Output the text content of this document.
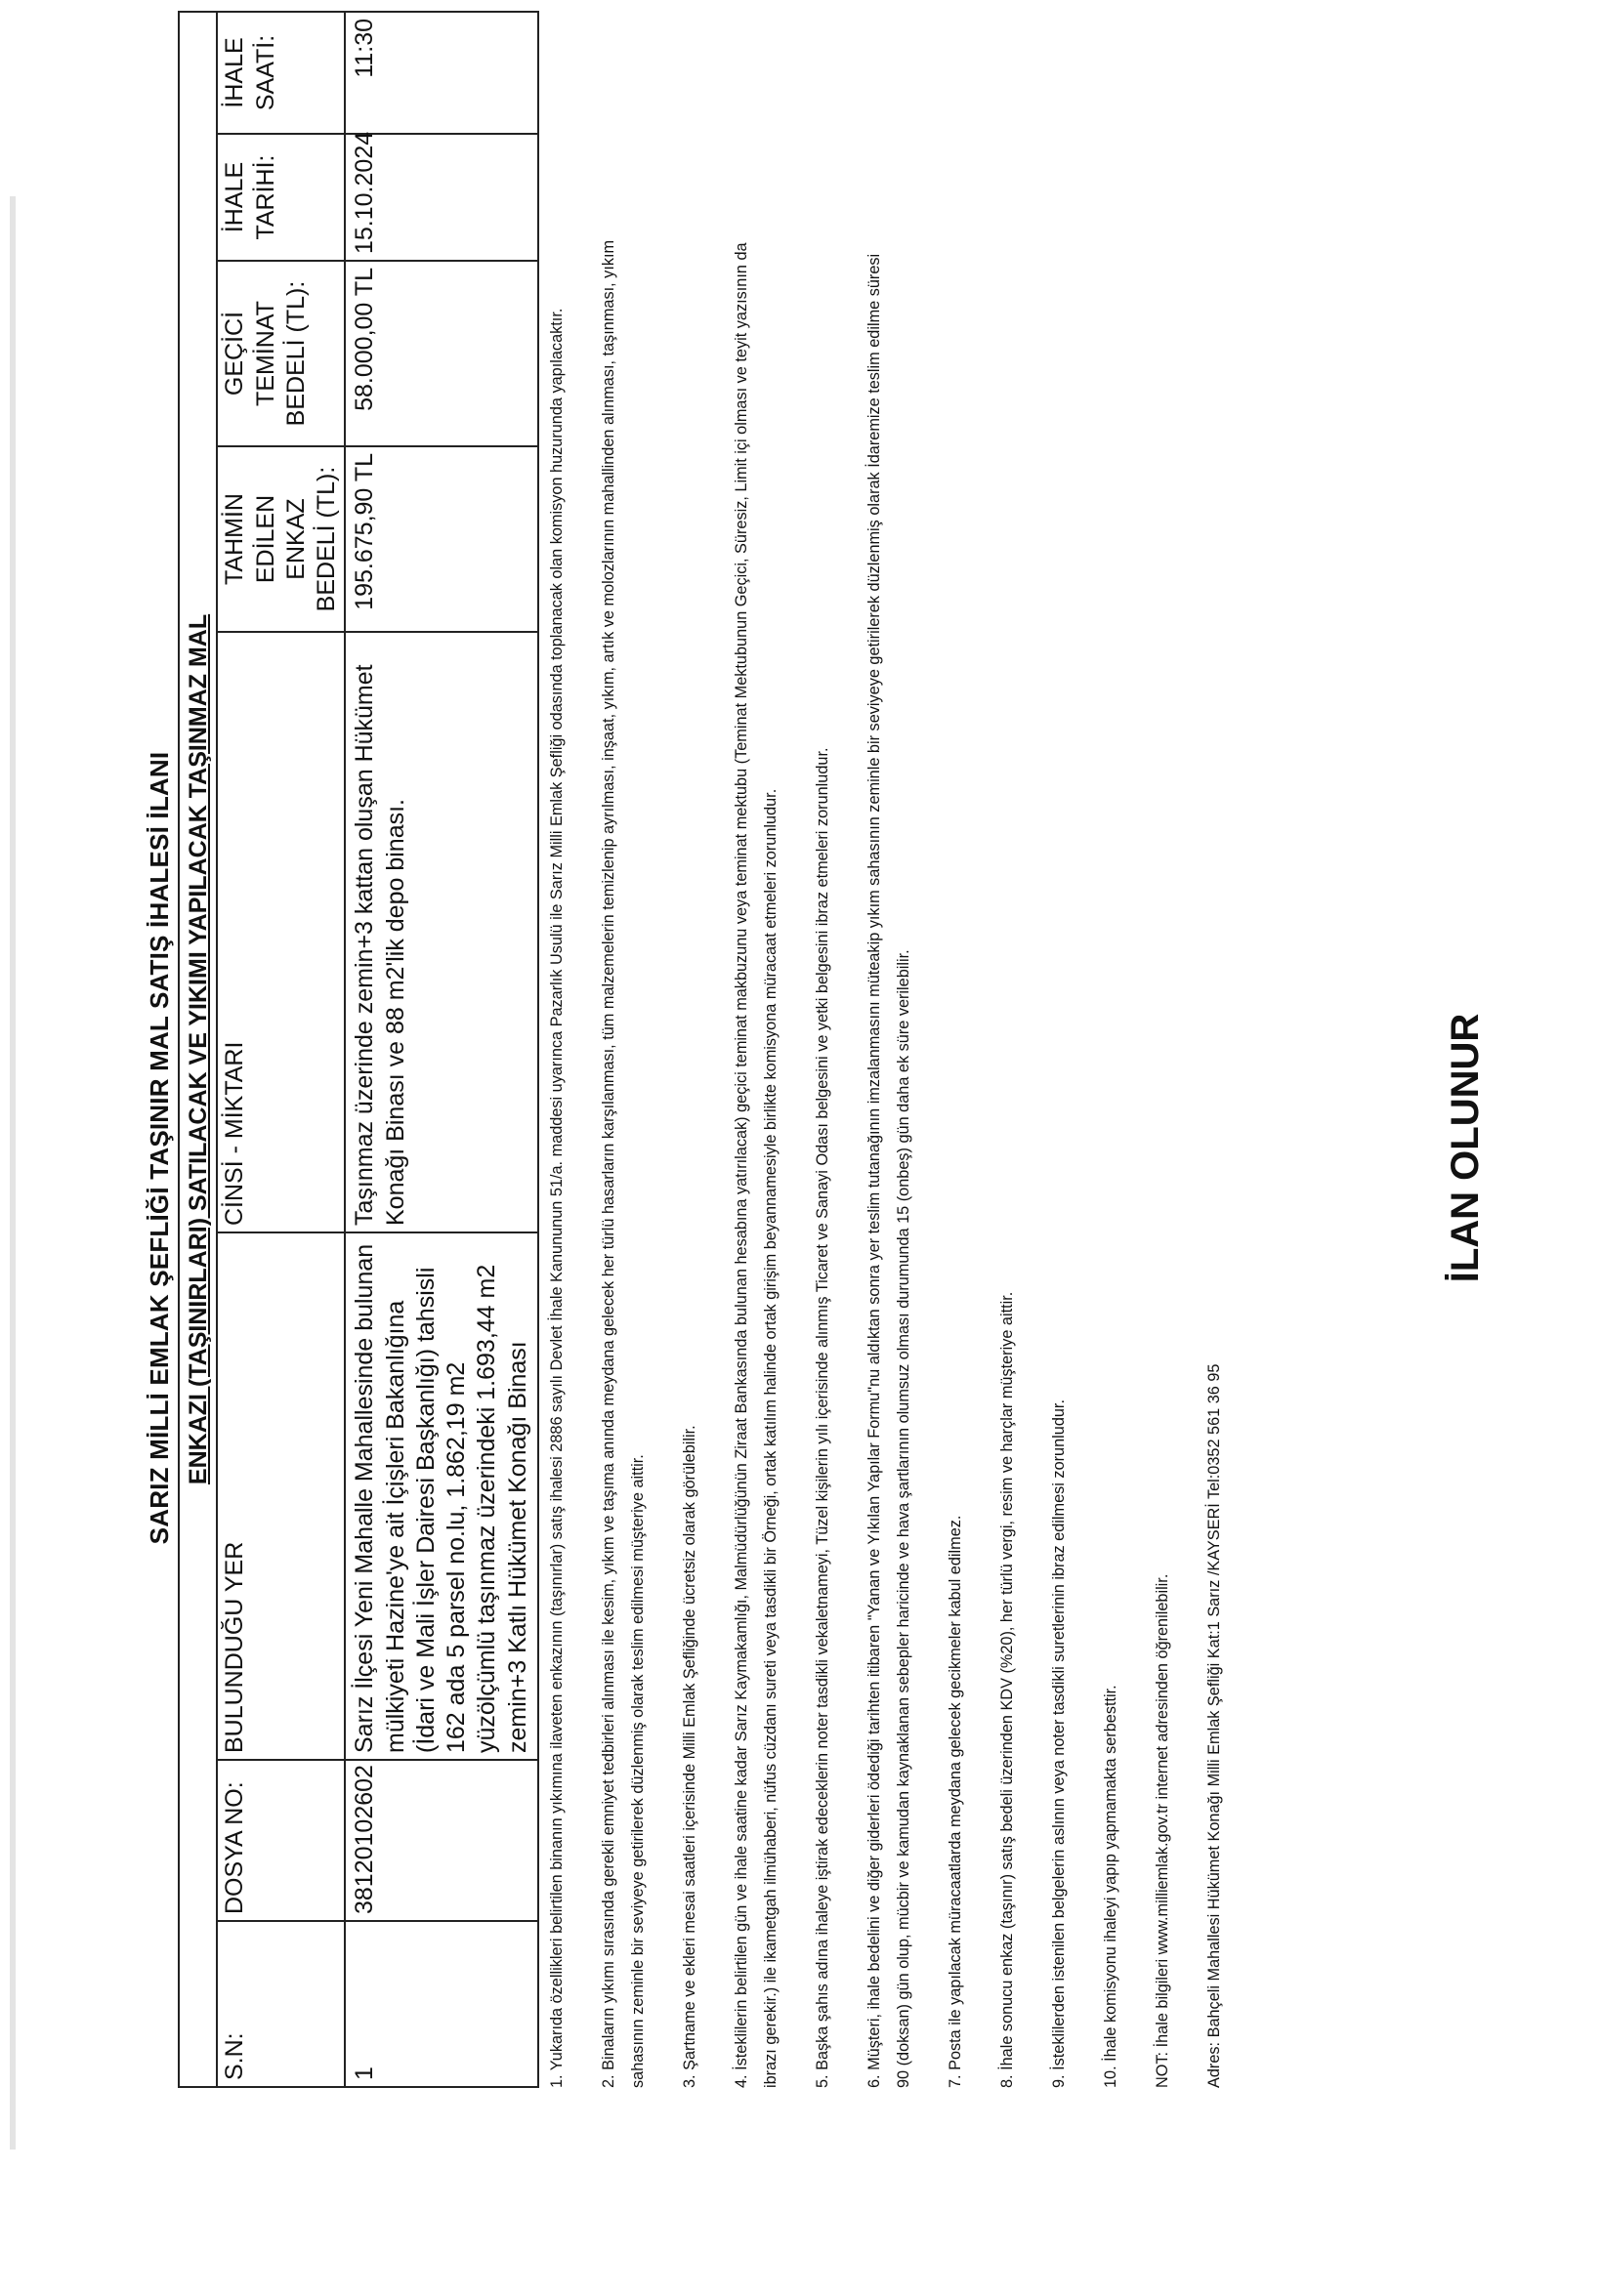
SARIZ MİLLİ EMLAK ŞEFLİĞİ TAŞINIR MAL SATIŞ İHALESİ İLANI ENKAZI (TAŞINIRLARI) SATILACAK VE YIKIMI YAPILACAK TAŞINMAZ MAL							
S.N:	DOSYA NO:	BULUNDUĞU YER	CİNSİ - MİKTARI	TAHMİN EDİLEN ENKAZ BEDELİ (TL):	GEÇİCİ TEMİNAT BEDELİ (TL):	İHALE TARİHİ:	İHALE SAATİ:
1	38120102602	Sarız İlçesi Yeni Mahalle Mahallesinde bulunan mülkiyeti Hazine'ye ait İçişleri Bakanlığına (İdari ve Mali İşler Dairesi Başkanlığı) tahsisli 162 ada 5 parsel no.lu, 1.862,19 m2 yüzölçümlü taşınmaz üzerindeki 1.693,44 m2 zemin+3 Katlı Hükümet Konağı Binası	Taşınmaz üzerinde zemin+3 kattan oluşan Hükümet Konağı Binası ve 88 m2'lik depo binası.	195.675,90 TL	58.000,00 TL	15.10.2024	11:30

1. Yukarıda özellikleri belirtilen binanın yıkımına ilaveten enkazının (taşınırlar) satış ihalesi 2886 sayılı Devlet İhale Kanununun 51/a. maddesi uyarınca Pazarlık Usulü ile Sarız Milli Emlak Şefliği odasında toplanacak olan komisyon huzurunda yapılacaktır.	2. Binaların yıkımı sırasında gerekli emniyet tedbirleri alınması ile kesim, yıkım ve taşıma anında meydana gelecek her türlü hasarların karşılanması, tüm malzemelerin temizlenip ayrılması, inşaat, yıkım, artık ve molozlarının mahallinden alınması, taşınması, yıkım sahasının zeminle bir seviyeye getirilerek düzlenmiş olarak teslim edilmesi müşteriye aittir.	3. Şartname ve ekleri mesai saatleri içerisinde Milli Emlak Şefliğinde ücretsiz olarak görülebilir.	4. İsteklilerin belirtilen gün ve ihale saatine kadar Sarız Kaymakamlığı, Malmüdürlüğünün Ziraat Bankasında bulunan hesabına yatırılacak) geçici teminat makbuzunu veya teminat mektubu (Teminat Mektubunun Geçici, Süresiz, Limit içi olması ve teyit yazısının da ibrazı gerekir.) ile ikametgah ilmühaberi, nüfus cüzdanı sureti veya tasdikli bir Örneği, ortak katılım halinde ortak girişim beyannamesiyle birlikte komisyona müracaat etmeleri zorunludur.	5. Başka şahıs adına ihaleye iştirak edeceklerin noter tasdikli vekaletnameyi, Tüzel kişilerin yılı içerisinde alınmış Ticaret ve Sanayi Odası belgesini ve yetki belgesini ibraz etmeleri zorunludur.	6. Müşteri, ihale bedelini ve diğer giderleri ödediği tarihten itibaren "Yanan ve Yıkılan Yapılar Formu"nu aldıktan sonra yer teslim tutanağının imzalanmasını müteakip yıkım sahasının zeminle bir seviyeye getirilerek düzlenmiş olarak İdaremize teslim edilme süresi 90 (doksan) gün olup, mücbir ve kamudan kaynaklanan sebepler haricinde ve hava şartlarının olumsuz olması durumunda 15 (onbeş) gün daha ek süre verilebilir.	7. Posta ile yapılacak müracaatlarda meydana gelecek gecikmeler kabul edilmez.	8. İhale sonucu enkaz (taşınır) satış bedeli üzerinden KDV (%20), her türlü vergi, resim ve harçlar müşteriye aittir.	9. İsteklilerden istenilen belgelerin aslının veya noter tasdikli suretlerinin ibraz edilmesi zorunludur.	10. İhale komisyonu ihaleyi yapıp yapmamakta serbesttir.	NOT: İhale bilgileri www.milliemlak.gov.tr internet adresinden öğrenilebilir.	Adres: Bahçeli Mahallesi Hükümet Konağı Milli Emlak Şefliği Kat:1 Sarız /KAYSERİ Tel:0352 561 36 95

İLAN OLUNUR
